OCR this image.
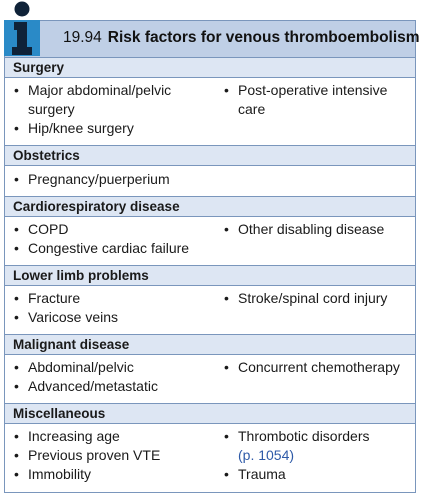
19.94 Risk factors for venous thromboembolism
Surgery
• Major abdominal/pelvic
surgery
• Hip/knee surgery
• Post-operative intensive
care
Obstetrics
• Pregnancy/puerperium
Cardiorespiratory disease
• COPD
• Congestive cardiac failure
• Other disabling disease
Lower limb problems
• Fracture
• Varicose veins
• Stroke/spinal cord injury
Malignant disease
• Abdominal/pelvic
• Advanced/metastatic
• Concurrent chemotherapy
Miscellaneous
• Increasing age
• Previous proven VTE
• Immobility
• Thrombotic disorders
(p. 1054)
• Trauma
